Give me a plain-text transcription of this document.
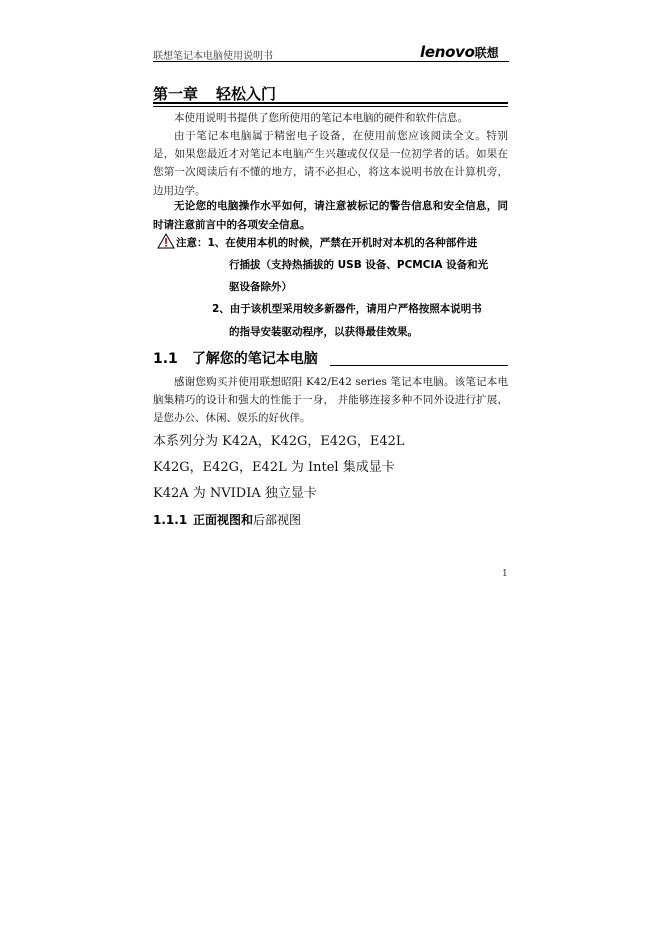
联想笔记本电脑使用说明书	lenovo联想
第一章 轻松入门
本使用说明书提供了您所使用的笔记本电脑的硬件和软件信息。
由于笔记本电脑属于精密电子设备，在使用前您应该阅读全文。特别是，如果您最近才对笔记本电脑产生兴趣或仅仅是一位初学者的话。如果在您第一次阅读后有不懂的地方，请不必担心，将这本说明书放在计算机旁，边用边学。
无论您的电脑操作水平如何，请注意被标记的警告信息和安全信息，同时请注意前言中的各项安全信息。
注意：1、在使用本机的时候，严禁在开机时对本机的各种部件进
行插拔（支持热插拔的 USB 设备、PCMCIA 设备和光
驱设备除外）
2、由于该机型采用较多新器件，请用户严格按照本说明书
的指导安装驱动程序，以获得最佳效果。
1.1 了解您的笔记本电脑
感谢您购买并使用联想昭阳 K42/E42 series 笔记本电脑。该笔记本电脑集精巧的设计和强大的性能于一身， 并能够连接多种不同外设进行扩展，是您办公、休闲、娱乐的好伙伴。
本系列分为 K42A，K42G，E42G，E42L
K42G，E42G，E42L 为 Intel 集成显卡
K42A 为 NVIDIA 独立显卡
1.1.1 正面视图和后部视图
1
